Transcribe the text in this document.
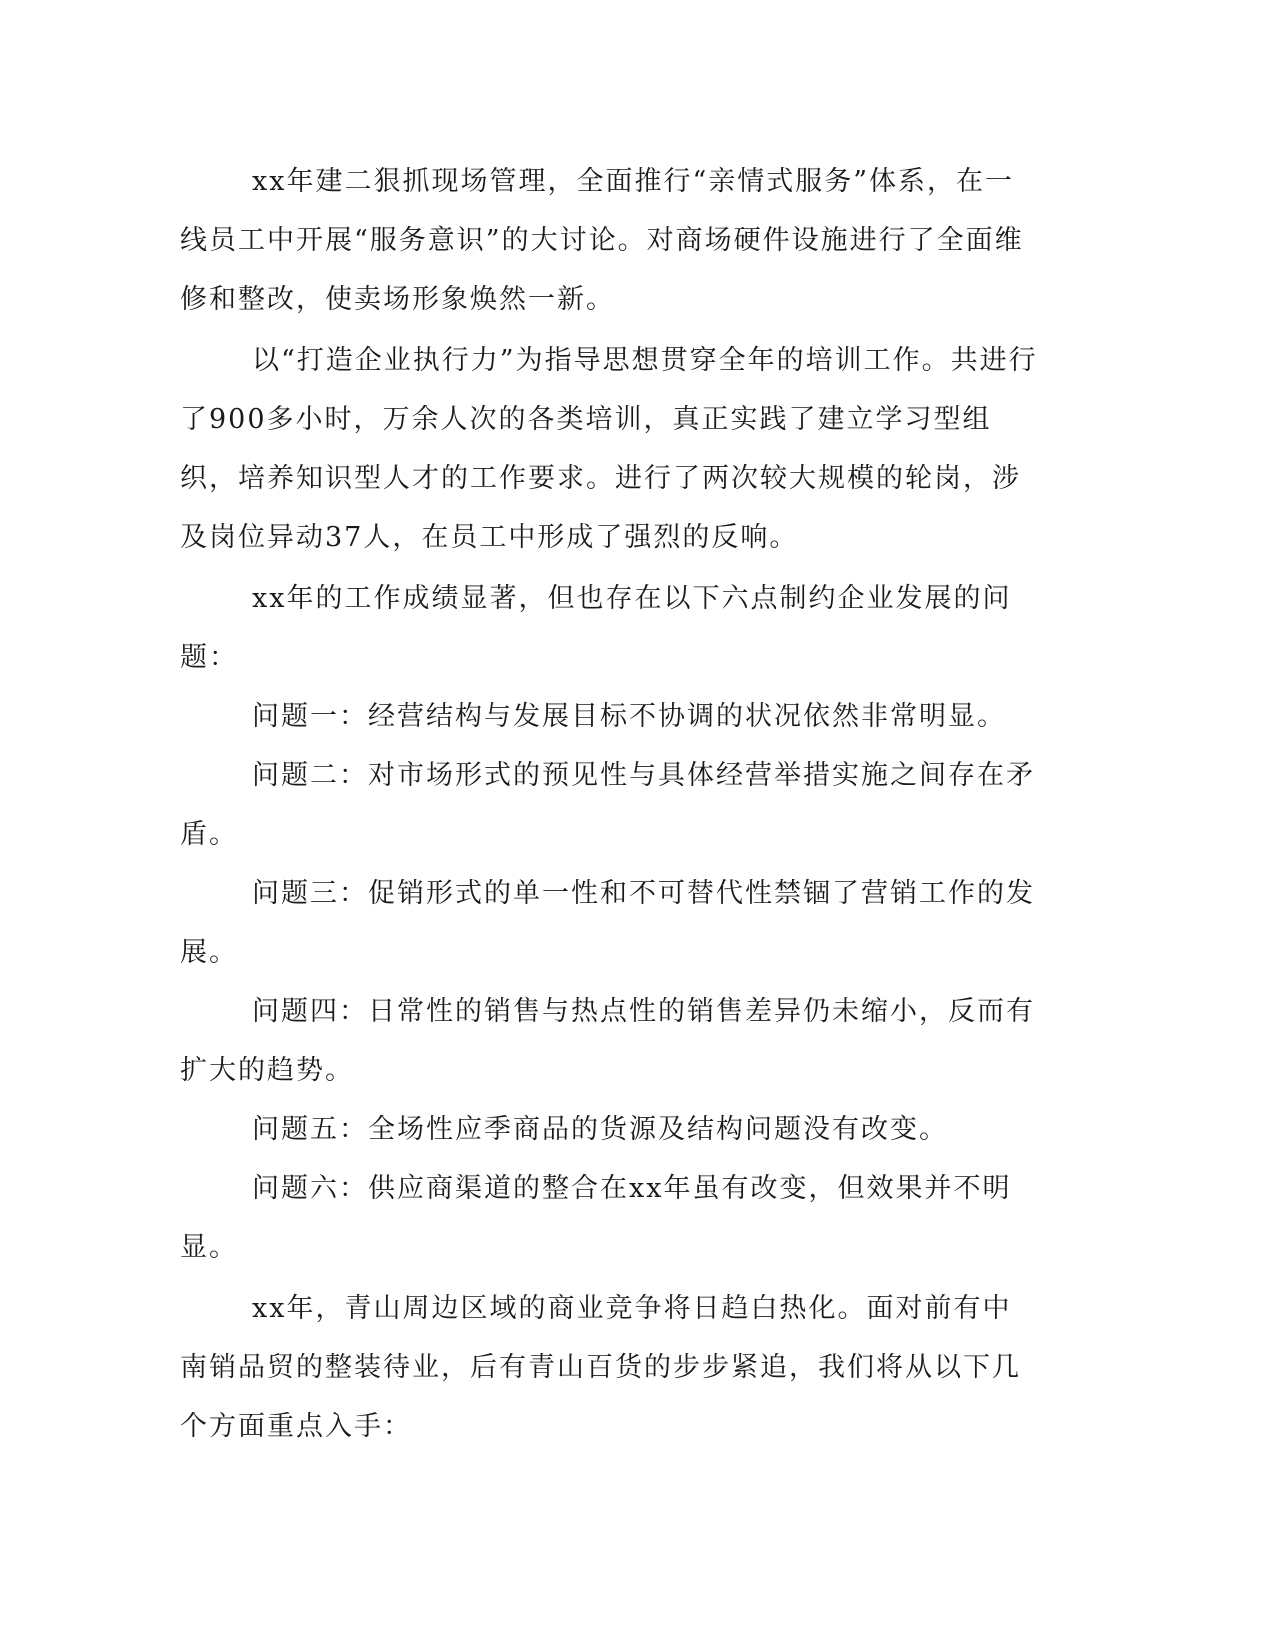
xx年建二狠抓现场管理，全面推行“亲情式服务”体系，在一线员工中开展“服务意识”的大讨论。对商场硬件设施进行了全面维修和整改，使卖场形象焕然一新。

以“打造企业执行力”为指导思想贯穿全年的培训工作。共进行了900多小时，万余人次的各类培训，真正实践了建立学习型组织，培养知识型人才的工作要求。进行了两次较大规模的轮岗，涉及岗位异动37人，在员工中形成了强烈的反响。

xx年的工作成绩显著，但也存在以下六点制约企业发展的问题：

问题一：经营结构与发展目标不协调的状况依然非常明显。

问题二：对市场形式的预见性与具体经营举措实施之间存在矛盾。

问题三：促销形式的单一性和不可替代性禁锢了营销工作的发展。

问题四：日常性的销售与热点性的销售差异仍未缩小，反而有扩大的趋势。

问题五：全场性应季商品的货源及结构问题没有改变。

问题六：供应商渠道的整合在xx年虽有改变，但效果并不明显。

xx年，青山周边区域的商业竞争将日趋白热化。面对前有中南销品贸的整装待业，后有青山百货的步步紧追，我们将从以下几个方面重点入手：
